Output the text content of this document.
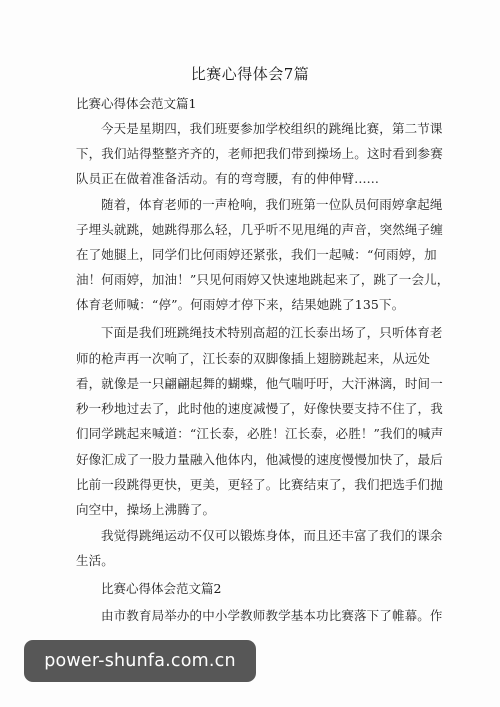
比赛心得体会7篇
比赛心得体会范文篇1
今天是星期四，我们班要参加学校组织的跳绳比赛，第二节课
下，我们站得整整齐齐的，老师把我们带到操场上。这时看到参赛
队员正在做着准备活动。有的弯弯腰，有的伸伸臂......
随着，体育老师的一声枪响，我们班第一位队员何雨婷拿起绳
子埋头就跳，她跳得那么轻，几乎听不见甩绳的声音，突然绳子缠
在了她腿上，同学们比何雨婷还紧张，我们一起喊：“何雨婷，加
油！何雨婷，加油！”只见何雨婷又快速地跳起来了，跳了一会儿，
体育老师喊：“停”。何雨婷才停下来，结果她跳了135下。
下面是我们班跳绳技术特别高超的江长泰出场了，只听体育老
师的枪声再一次响了，江长泰的双脚像插上翅膀跳起来，从远处
看，就像是一只翩翩起舞的蝴蝶，他气喘吁吁，大汗淋漓，时间一
秒一秒地过去了，此时他的速度减慢了，好像快要支持不住了，我
们同学跳起来喊道：“江长泰，必胜！江长泰，必胜！”我们的喊声
好像汇成了一股力量融入他体内，他减慢的速度慢慢加快了，最后
比前一段跳得更快，更美，更轻了。比赛结束了，我们把选手们抛
向空中，操场上沸腾了。
我觉得跳绳运动不仅可以锻炼身体，而且还丰富了我们的课余
生活。
比赛心得体会范文篇2
由市教育局举办的中小学教师教学基本功比赛落下了帷幕。作
power-shunfa.com.cn
